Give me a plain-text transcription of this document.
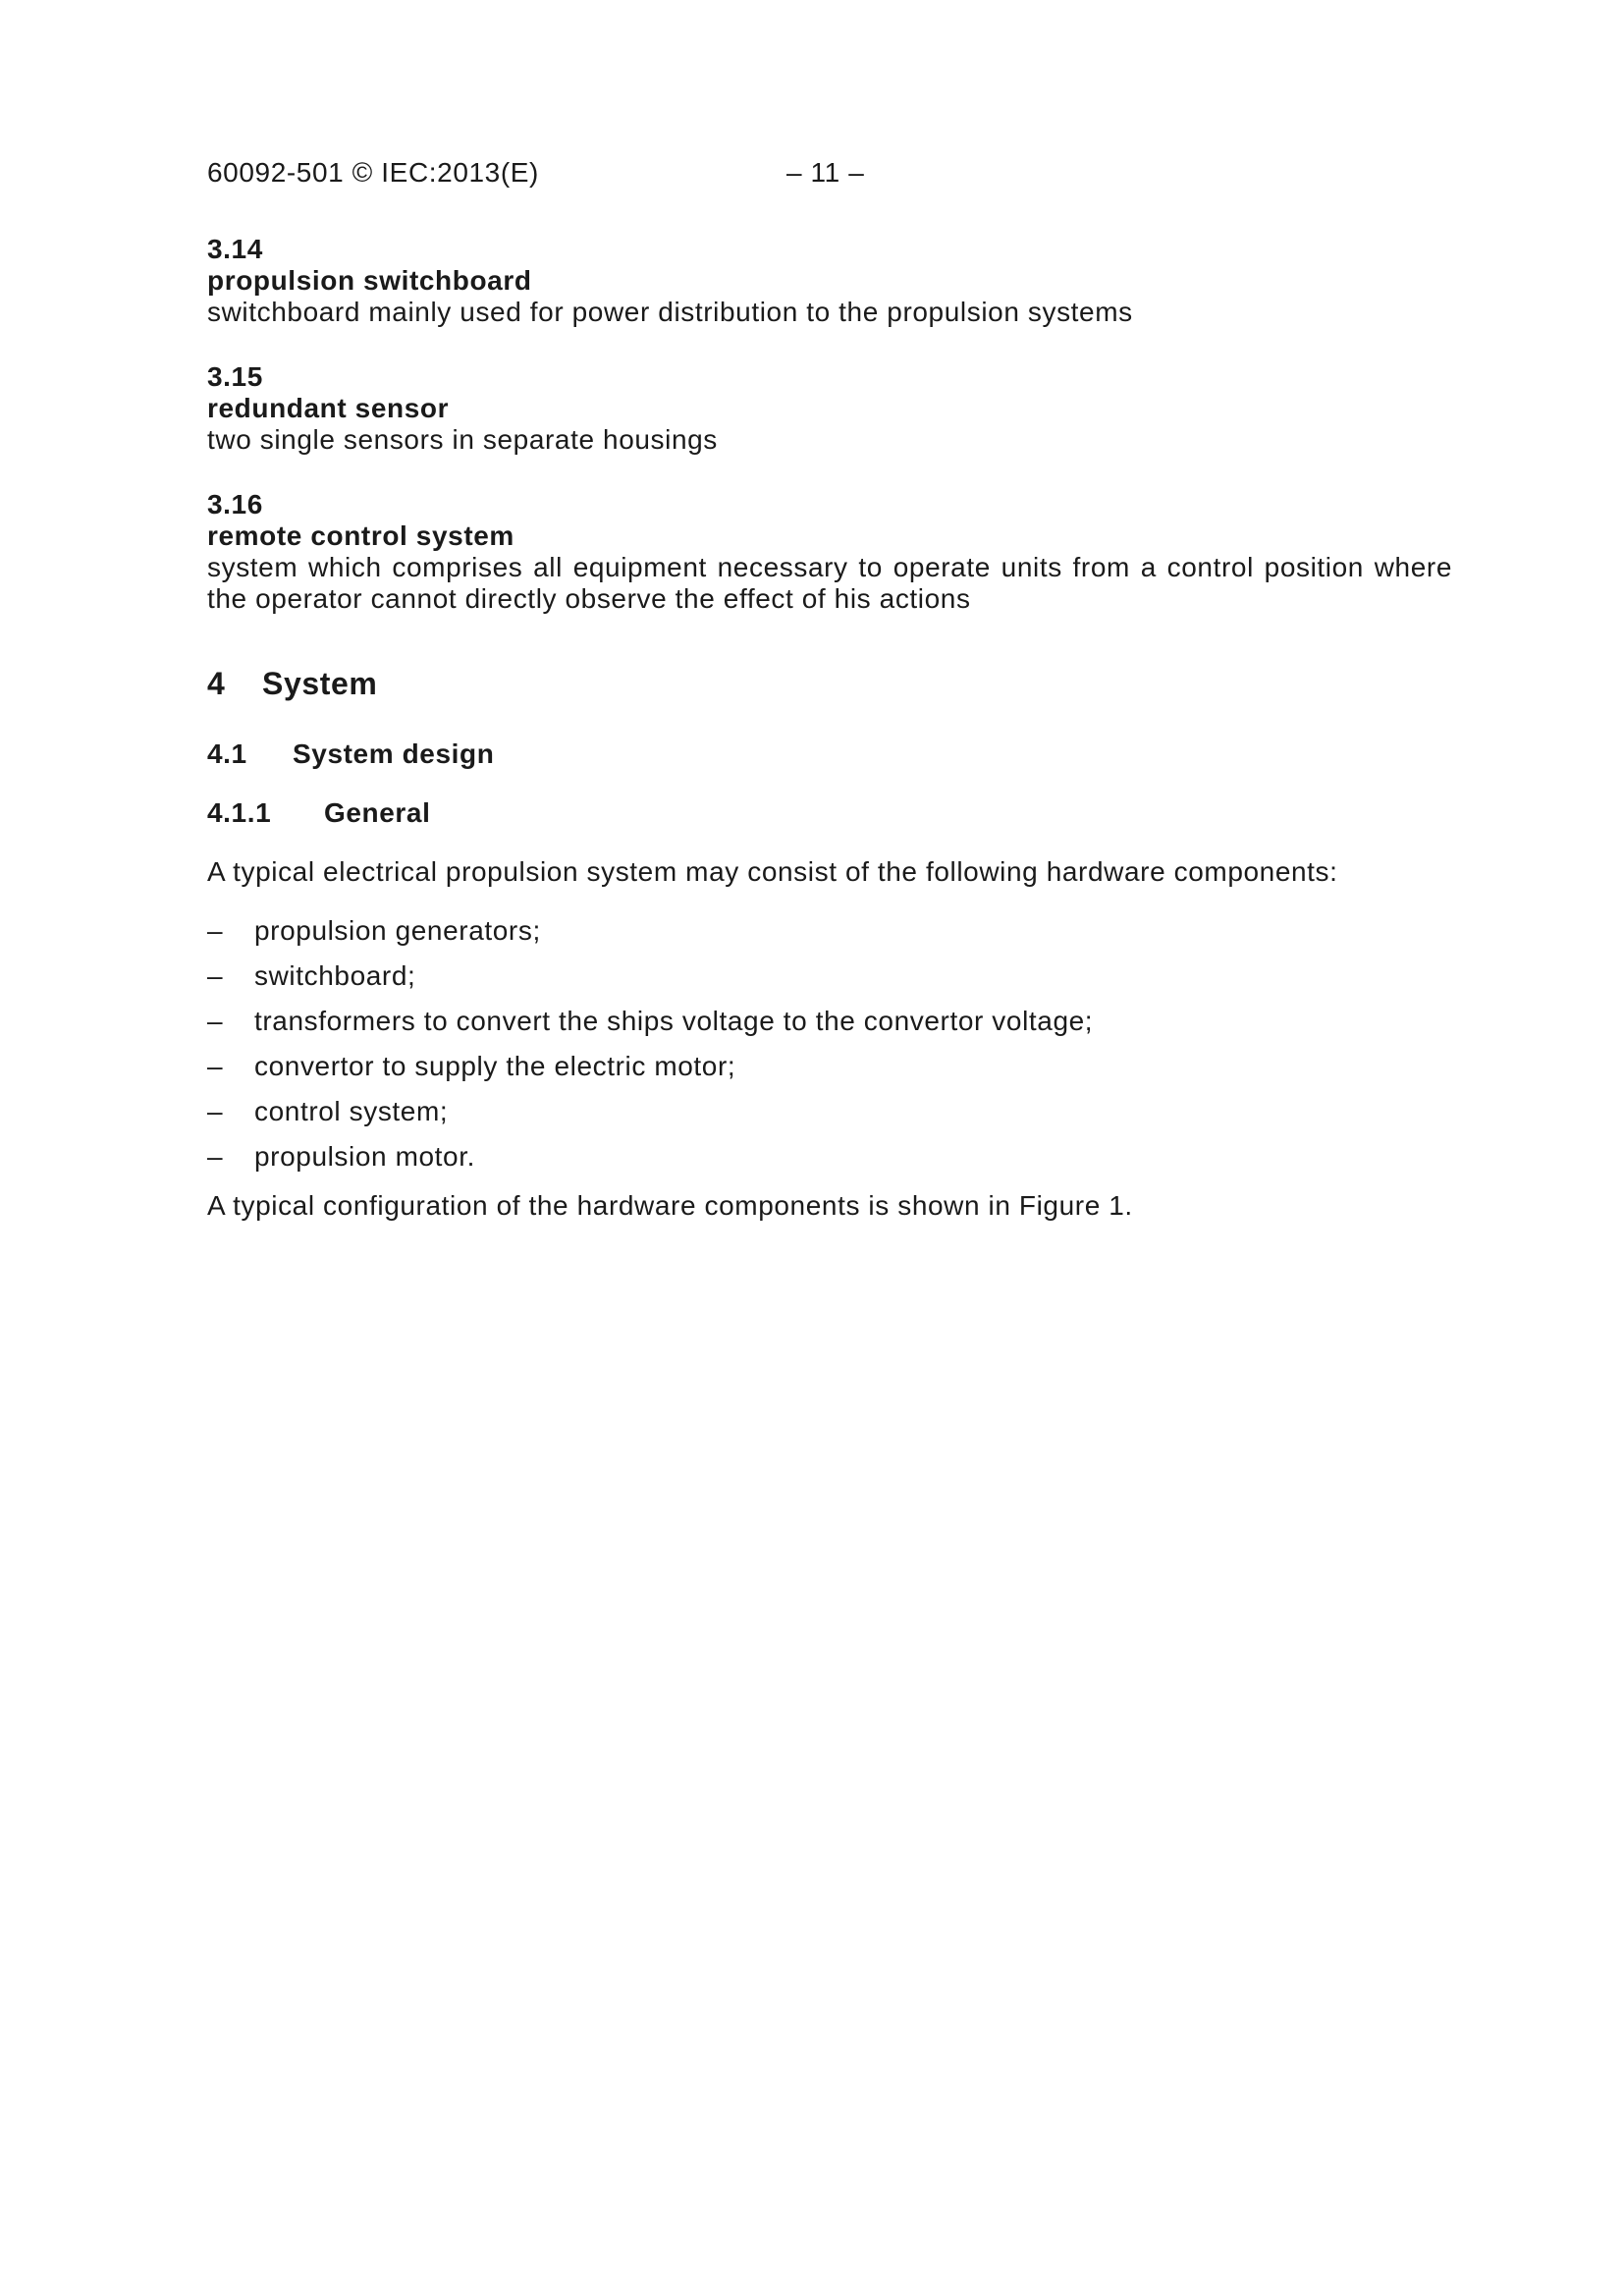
60092-501 © IEC:2013(E)	– 11 –
3.14
propulsion switchboard
switchboard mainly used for power distribution to the propulsion systems
3.15
redundant sensor
two single sensors in separate housings
3.16
remote control system
system which comprises all equipment necessary to operate units from a control position where the operator cannot directly observe the effect of his actions
4	System
4.1	System design
4.1.1	General
A typical electrical propulsion system may consist of the following hardware components:
–	propulsion generators;
–	switchboard;
–	transformers to convert the ships voltage to the convertor voltage;
–	convertor to supply the electric motor;
–	control system;
–	propulsion motor.
A typical configuration of the hardware components is shown in Figure 1.
